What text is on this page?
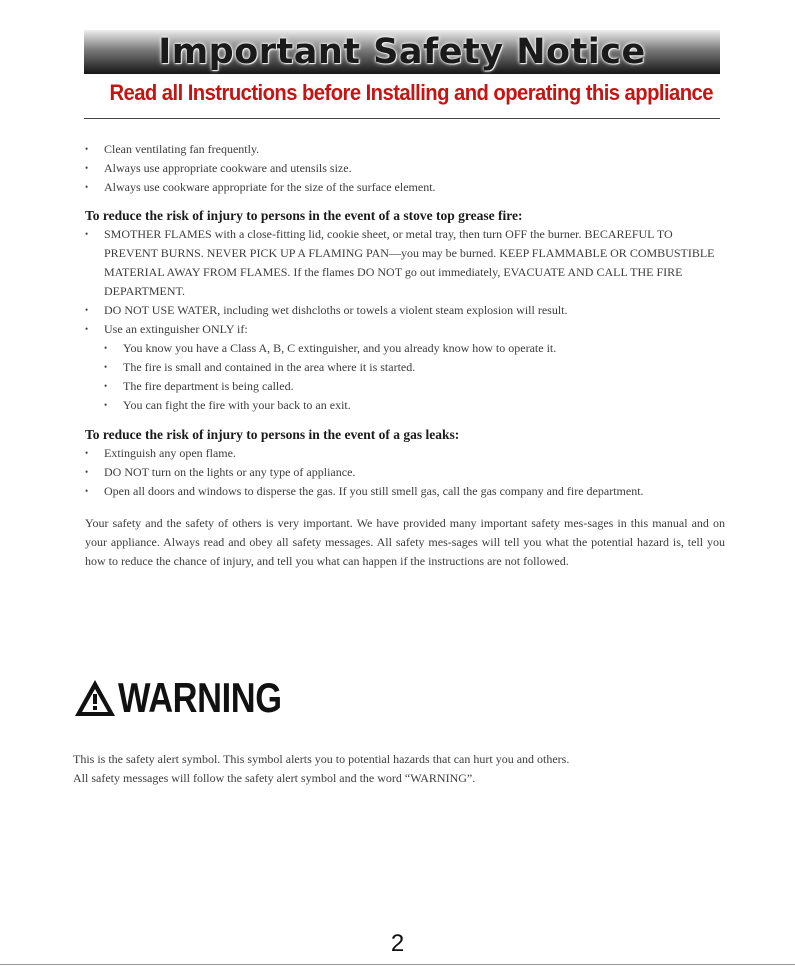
Important Safety Notice
Read all Instructions before Installing and operating this appliance
• Clean ventilating fan frequently.
• Always use appropriate cookware and utensils size.
• Always use cookware appropriate for the size of the surface element.
To reduce the risk of injury to persons in the event of a stove top grease fire:
• SMOTHER FLAMES with a close-fitting lid, cookie sheet, or metal tray, then turn OFF the burner. BECAREFUL TO PREVENT BURNS. NEVER PICK UP A FLAMING PAN—you may be burned. KEEP FLAMMABLE OR COMBUSTIBLE MATERIAL AWAY FROM FLAMES. If the flames DO NOT go out immediately, EVACUATE AND CALL THE FIRE DEPARTMENT.
• DO NOT USE WATER, including wet dishcloths or towels a violent steam explosion will result.
• Use an extinguisher ONLY if:
• You know you have a Class A, B, C extinguisher, and you already know how to operate it.
• The fire is small and contained in the area where it is started.
• The fire department is being called.
• You can fight the fire with your back to an exit.
To reduce the risk of injury to persons in the event of a gas leaks:
• Extinguish any open flame.
• DO NOT turn on the lights or any type of appliance.
• Open all doors and windows to disperse the gas. If you still smell gas, call the gas company and fire department.
Your safety and the safety of others is very important. We have provided many important safety mes-sages in this manual and on your appliance. Always read and obey all safety messages. All safety mes-sages will tell you what the potential hazard is, tell you how to reduce the chance of injury, and tell you what can happen if the instructions are not followed.
WARNING
This is the safety alert symbol. This symbol alerts you to potential hazards that can hurt you and others.
All safety messages will follow the safety alert symbol and the word “WARNING”.
2
